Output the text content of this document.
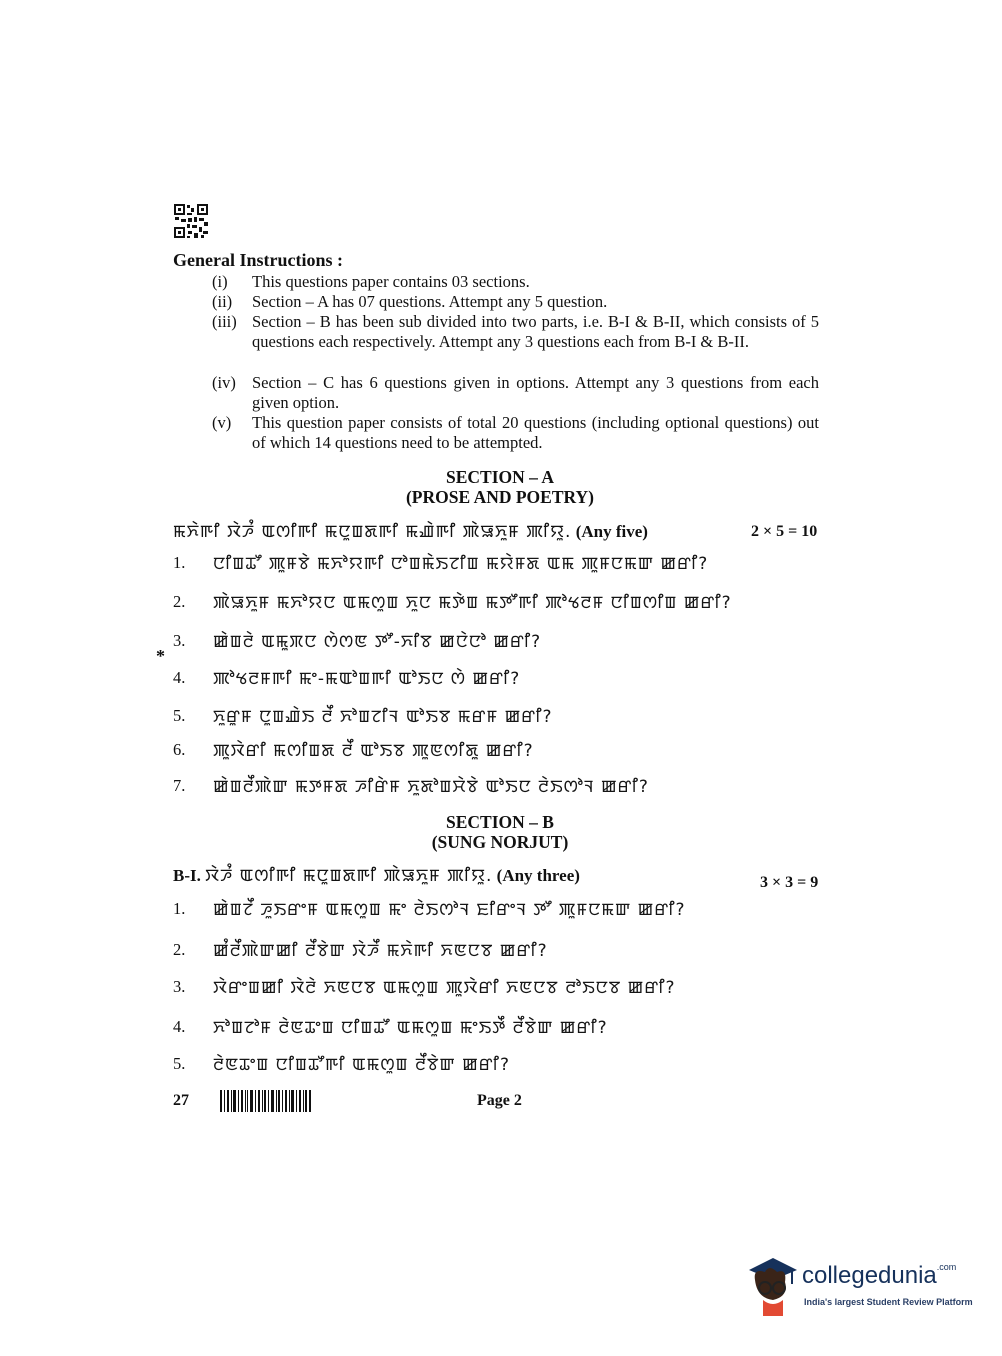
General Instructions :
(i)	This questions paper contains 03 sections.
(ii)	Section – A has 07 questions. Attempt any 5 question.
(iii) Section – B has been sub divided into two parts, i.e. B-I & B-II, which consists of 5 questions each respectively. Attempt any 3 questions each from B-I & B-II.
(iv) Section – C has 6 questions given in options. Attempt any 3 questions from each given option.
(v)	This question paper consists of total 20 questions (including optional questions) out of which 14 questions need to be attempted.
SECTION – A
(PROSE AND POETRY)
ꯃꯈꯥꯒꯤ ꯋꯥꯍꯪ ꯑꯁꯤꯒꯤ ꯃꯅꯨꯡꯗꯒꯤ ꯃꯉꯥꯒꯤ ꯄꯥꯎꯈꯨꯝ ꯄꯤꯌꯨ. (Any five)	2 × 5 = 10
1. ꯅꯤꯡꯊꯧ ꯄꯨꯝꯕꯥ ꯃꯈꯣꯌꯒꯤ ꯅꯣꯡꯃꯥꯏꯖꯤꯡ ꯃꯌꯥꯝꯗ ꯑꯃ ꯄꯨꯝꯅꯃꯛ ꯀꯔꯤ?
2. ꯄꯥꯎꯈꯨꯝ ꯃꯈꯣꯌꯅ ꯑꯃꯁꯨꯡ ꯈꯨꯅ ꯃꯇꯥꯡ ꯃꯇꯧꯒꯤ ꯄꯣꯠꯂꯝ ꯅꯤꯡꯁꯤꯡ ꯀꯔꯤ?
3. ꯀꯥꯡꯂꯥ ꯑꯃꯨꯞꯅ ꯁꯥꯁꯟ ꯇꯧ-ꯈꯤꯕ ꯀꯅꯥꯅꯣ ꯀꯔꯤ?
*
4. ꯄꯣꯠꯂꯝꯒꯤ ꯃꯦ-ꯃꯑꯣꯡꯒꯤ ꯑꯣꯏꯅ ꯁꯥ ꯀꯔꯤ?
5. ꯈꯨꯔꯨꯝ ꯅꯨꯡꯉꯥꯏ ꯂꯩ ꯈꯣꯡꯖꯤꯜ ꯑꯣꯏꯕ ꯃꯔꯝ ꯀꯔꯤ?
6. ꯄꯨꯋꯥꯔꯤ ꯃꯁꯤꯡꯗ ꯂꯩ ꯑꯣꯏꯕ ꯄꯨꯟꯁꯤꯗꯨ ꯀꯔꯤ?
7. ꯀꯥꯡꯂꯩꯄꯥꯛ ꯃꯇꯝꯗ ꯍꯤꯔꯥꯝ ꯈꯨꯗꯣꯡꯆꯥꯕꯥ ꯑꯣꯏꯅ ꯂꯥꯏꯁꯣꯜ ꯀꯔꯤ?
SECTION – B
(SUNG NORJUT)
B-I. ꯋꯥꯍꯪ ꯑꯁꯤꯒꯤ ꯃꯅꯨꯡꯗꯒꯤ ꯄꯥꯎꯈꯨꯝ ꯄꯤꯌꯨ. (Any three)	3 × 3 = 9
1. ꯀꯥꯡꯖꯩ ꯍꯨꯏꯔꯦꯝ ꯑꯃꯁꯨꯡ ꯃꯦ ꯂꯥꯏꯁꯣꯜ ꯐꯤꯔꯦꯜ ꯇꯧ ꯄꯨꯝꯅꯃꯛ ꯀꯔꯤ?
2. ꯀꯪꯂꯩꯄꯥꯛꯀꯤ ꯂꯩꯕꯥꯛ ꯋꯥꯍꯩ ꯃꯈꯥꯒꯤ ꯈꯟꯅꯕ ꯀꯔꯤ?
3. ꯋꯥꯔꯦꯡꯀꯤ ꯋꯥꯂꯥ ꯈꯟꯅꯕ ꯑꯃꯁꯨꯡ ꯄꯨꯋꯥꯔꯤ ꯈꯟꯅꯕ ꯂꯣꯏꯅꯕ ꯀꯔꯤ?
4. ꯈꯣꯡꯖꯣꯝ ꯂꯥꯟꯊꯦꯡ ꯅꯤꯡꯊꯧ ꯑꯃꯁꯨꯡ ꯃꯦꯏꯇꯩ ꯂꯩꯕꯥꯛ ꯀꯔꯤ?
5. ꯂꯥꯟꯊꯦꯡ ꯅꯤꯡꯊꯧꯒꯤ ꯑꯃꯁꯨꯡ ꯂꯩꯕꯥꯛ ꯀꯔꯤ?
27	Page 2
collegedunia$^{.com}$
India's largest Student Review Platform
